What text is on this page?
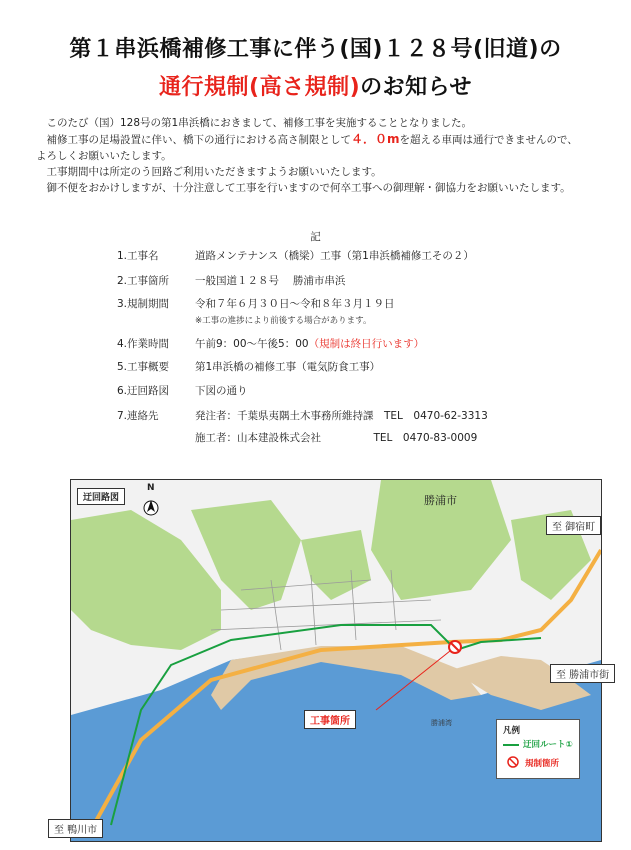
第１串浜橋補修工事に伴う(国)１２８号(旧道)の
通行規制(高さ規制)のお知らせ

このたび（国）128号の第1串浜橋におきまして、補修工事を実施することとなりました。

補修工事の足場設置に伴い、橋下の通行における高さ制限として４．０mを超える車両は通行できませんので、よろしくお願いいたします。

工事期間中は所定のう回路ご利用いただきますようお願いいたします。

御不便をおかけしますが、十分注意して工事を行いますので何卒工事への御理解・御協力をお願いいたします。

記
1.工事名	道路メンテナンス（橋梁）工事（第1串浜橋補修工その２）
2.工事箇所	一般国道１２８号　 勝浦市串浜
3.規制期間	令和７年６月３０日～令和８年３月１９日
4.作業時間	午前9：00～午後5：00（規制は終日行います）
5.工事概要	第1串浜橋の補修工事（電気防食工事）
6.迂回路図	下図の通り
7.連絡先	発注者：千葉県夷隅土木事務所維持課　TEL　0470-62-3313
施工者：山本建設株式会社　　　　　TEL　0470-83-0009
※工事の進捗により前後する場合があります。
迂回路図
N
勝浦市
勝浦湾
工事箇所
至 御宿町
至 勝浦市街
至 鴨川市
凡例
迂回ルート①
規制箇所
